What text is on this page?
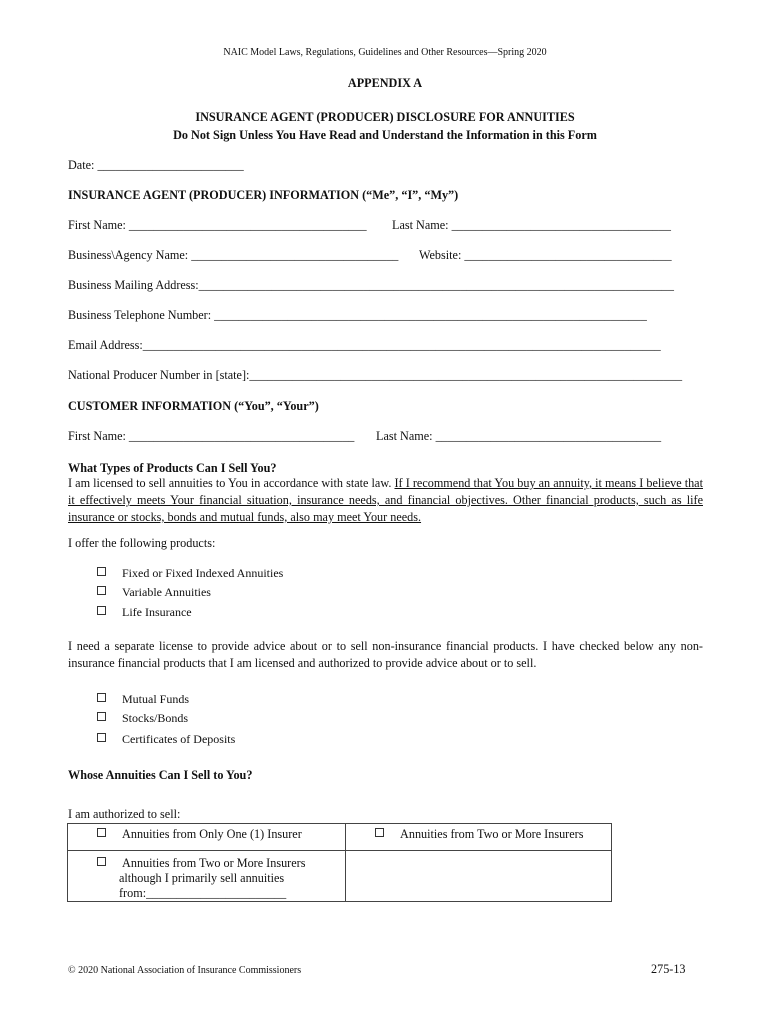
NAIC Model Laws, Regulations, Guidelines and Other Resources—Spring 2020
APPENDIX A
INSURANCE AGENT (PRODUCER) DISCLOSURE FOR ANNUITIES
Do Not Sign Unless You Have Read and Understand the Information in this Form
Date: ________________________
INSURANCE AGENT (PRODUCER) INFORMATION (“Me”, “I”, “My”)
First Name: _______________________________________ Last Name: ____________________________________
Business\Agency Name: __________________________________ Website: __________________________________
Business Mailing Address:______________________________________________________________________________
Business Telephone Number: _______________________________________________________________________
Email Address:_____________________________________________________________________________________
National Producer Number in [state]:_______________________________________________________________________
CUSTOMER INFORMATION (“You”, “Your”)
First Name: _____________________________________ Last Name: _____________________________________
What Types of Products Can I Sell You?
I am licensed to sell annuities to You in accordance with state law. If I recommend that You buy an annuity, it means I believe that it effectively meets Your financial situation, insurance needs, and financial objectives. Other financial products, such as life insurance or stocks, bonds and mutual funds, also may meet Your needs.
I offer the following products:
Fixed or Fixed Indexed Annuities
Variable Annuities
Life Insurance
I need a separate license to provide advice about or to sell non-insurance financial products. I have checked below any non-insurance financial products that I am licensed and authorized to provide advice about or to sell.
Mutual Funds
Stocks/Bonds
Certificates of Deposits
Whose Annuities Can I Sell to You?
I am authorized to sell:
Annuities from Only One (1) Insurer	Annuities from Two or More Insurers

Annuities from Two or More Insurers
although I primarily sell annuities
from:_______________________	

© 2020 National Association of Insurance Commissioners	275-13
